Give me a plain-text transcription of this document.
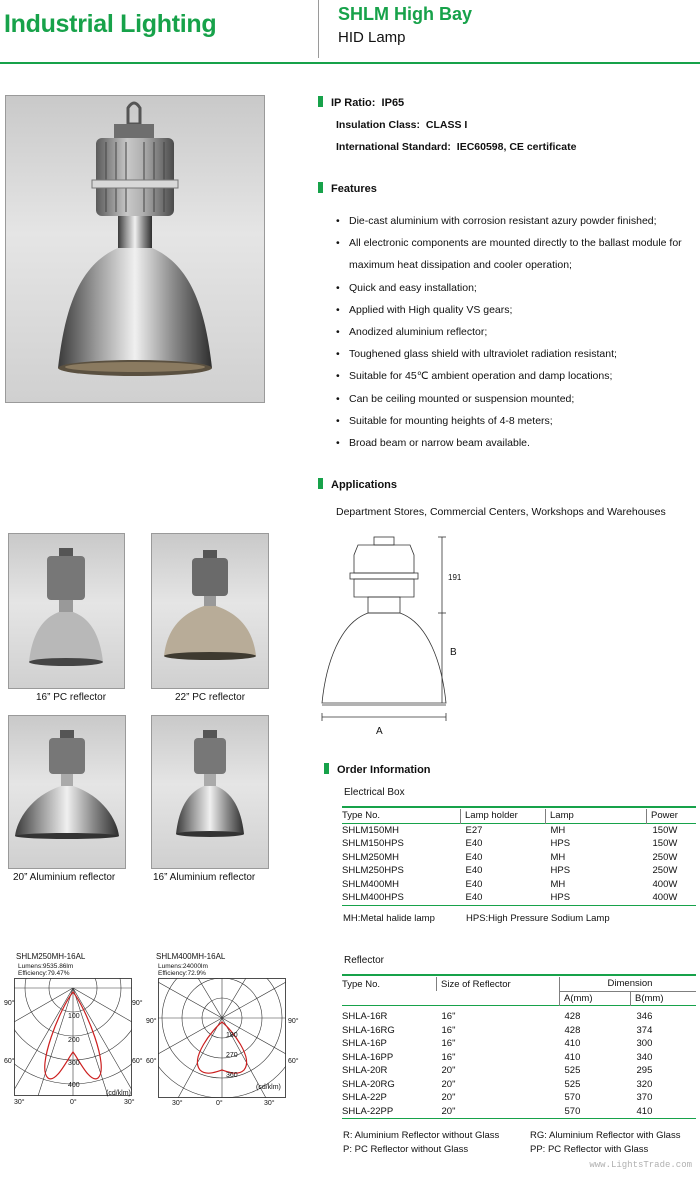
Industrial Lighting	SHLM High Bay
HID Lamp
IP Ratio: IP65
Insulation Class: CLASS I
International Standard: IEC60598, CE certificate
Features
• Die-cast aluminium with corrosion resistant azury powder finished;
• All electronic components are mounted directly to the ballast module for maximum heat dissipation and cooler operation;
• Quick and easy installation;
• Applied with High quality VS gears;
• Anodized aluminium reflector;
• Toughened glass shield with ultraviolet radiation resistant;
• Suitable for 45℃ ambient operation and damp locations;
• Can be ceiling mounted or suspension mounted;
• Suitable for mounting heights of 4-8 meters;
• Broad beam or narrow beam available.
Applications
Department Stores, Commercial Centers, Workshops and Warehouses
16” PC reflector	22” PC reflector
20” Aluminium reflector	16” Aluminium reflector
191
B
A
Order Information
Electrical Box
Type No.	Lamp holder	Lamp	Power
SHLM150MH	E27	MH	150W
SHLM150HPS	E40	HPS	150W
SHLM250MH	E40	MH	250W
SHLM250HPS	E40	HPS	250W
SHLM400MH	E40	MH	400W
SHLM400HPS	E40	HPS	400W
MH:Metal halide lamp	HPS:High Pressure Sodium Lamp
Reflector
Type No.	Size of Reflector	Dimension	
		A(mm)	B(mm)

SHLA-16R	16"	428	346
SHLA-16RG	16"	428	374
SHLA-16P	16"	410	300
SHLA-16PP	16"	410	340
SHLA-20R	20"	525	295
SHLA-20RG	20"	525	320
SHLA-22P	20"	570	370
SHLA-22PP	20"	570	410
R: Aluminium Reflector without Glass	RG: Aluminium Reflector with Glass
P: PC Reflector without Glass	PP: PC Reflector with Glass
SHLM250MH-16AL
Lumens:9535.86lm
Efficiency:79.47%
100
200
300
400
(cd/klm)
90°	90°
60°	60°
30°	0°	30°
SHLM400MH-16AL
Lumens:24000lm
Efficiency:72.9%
180
270
360
(cd/klm)
90°	90°
60°	60°
30°	0°	30°
www.LightsTrade.com
